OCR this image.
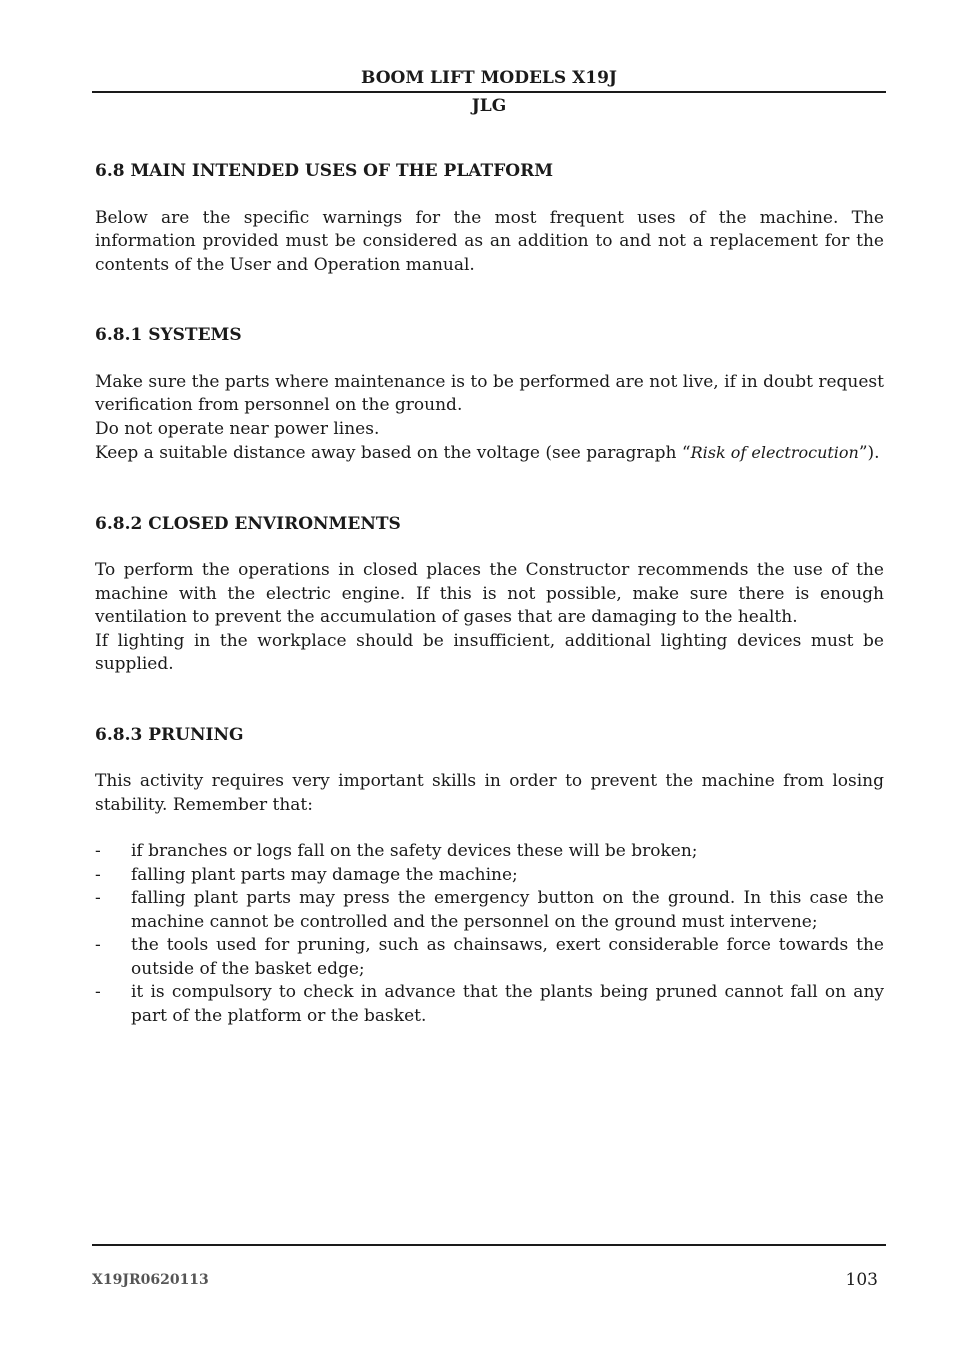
BOOM LIFT MODELS X19J
JLG
6.8 MAIN INTENDED USES OF THE PLATFORM

Below are the specific warnings for the most frequent uses of the machine. The information provided must be considered as an addition to and not a replacement for the contents of the User and Operation manual.

6.8.1 SYSTEMS

Make sure the parts where maintenance is to be performed are not live, if in doubt request verification from personnel on the ground.

Do not operate near power lines.

Keep a suitable distance away based on the voltage (see paragraph “Risk of electrocution”).

6.8.2 CLOSED ENVIRONMENTS

To perform the operations in closed places the Constructor recommends the use of the machine with the electric engine. If this is not possible, make sure there is enough ventilation to prevent the accumulation of gases that are damaging to the health.

If lighting in the workplace should be insufficient, additional lighting devices must be supplied.

6.8.3 PRUNING

This activity requires very important skills in order to prevent the machine from losing stability. Remember that:

- if branches or logs fall on the safety devices these will be broken;
- falling plant parts may damage the machine;
- falling plant parts may press the emergency button on the ground. In this case the machine cannot be controlled and the personnel on the ground must intervene;
- the tools used for pruning, such as chainsaws, exert considerable force towards the outside of the basket edge;
- it is compulsory to check in advance that the plants being pruned cannot fall on any part of the platform or the basket.
X19JR0620113	103
